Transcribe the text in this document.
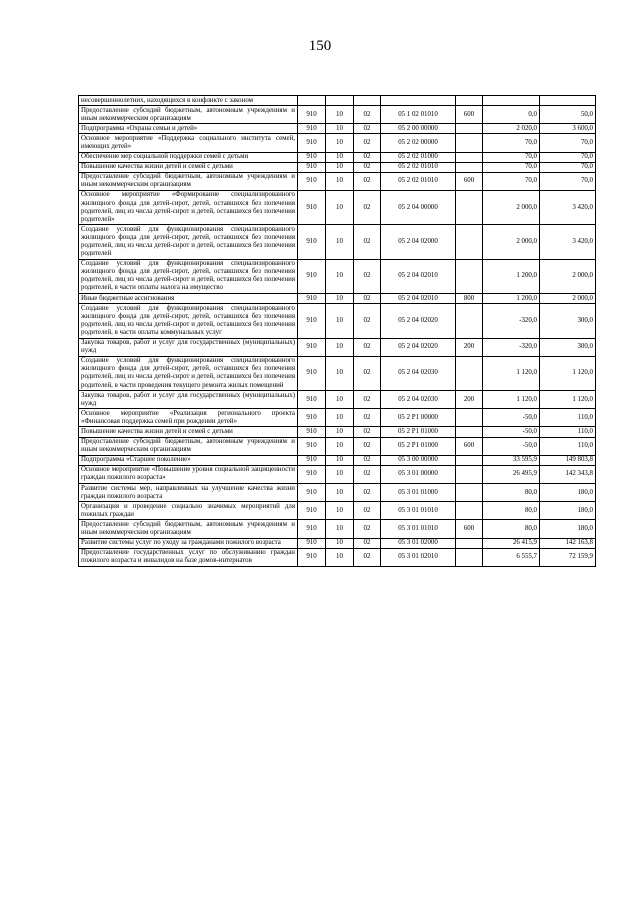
150
несовершеннолетних, находящихся в конфликте с законом							
Предоставление субсидий бюджетным, автономным учреждениям и иным некоммерческим организациям	910	10	02	05 1 02 01010	600	0,0	50,0
Подпрограмма «Охрана семьи и детей»	910	10	02	05 2 00 00000		2 020,0	3 600,0
Основное мероприятие «Поддержка социального института семей, имеющих детей»	910	10	02	05 2 02 00000		70,0	70,0
Обеспечение мер социальной поддержки семей с детьми	910	10	02	05 2 02 01000		70,0	70,0
Повышение качества жизни детей и семей с детьми	910	10	02	05 2 02 01010		70,0	70,0
Предоставление субсидий бюджетным, автономным учреждениям и иным некоммерческим организациям	910	10	02	05 2 02 01010	600	70,0	70,0
Основное мероприятие «Формирование специализированного жилищного фонда для детей-сирот, детей, оставшихся без попечения родителей, лиц из числа детей-сирот и детей, оставшихся без попечения родителей»	910	10	02	05 2 04 00000		2 000,0	3 420,0
Создание условий для функционирования специализированного жилищного фонда для детей-сирот, детей, оставшихся без попечения родителей, лиц из числа детей-сирот и детей, оставшихся без попечения родителей	910	10	02	05 2 04 02000		2 000,0	3 420,0
Создание условий для функционирования специализированного жилищного фонда для детей-сирот, детей, оставшихся без попечения родителей, лиц из числа детей-сирот и детей, оставшихся без попечения родителей, в части оплаты налога на имущество	910	10	02	05 2 04 02010		1 200,0	2 000,0
Иные бюджетные ассигнования	910	10	02	05 2 04 02010	800	1 200,0	2 000,0
Создание условий для функционирования специализированного жилищного фонда для детей-сирот, детей, оставшихся без попечения родителей, лиц из числа детей-сирот и детей, оставшихся без попечения родителей, в части оплаты коммунальных услуг	910	10	02	05 2 04 02020		-320,0	300,0
Закупка товаров, работ и услуг для государственных (муниципальных) нужд	910	10	02	05 2 04 02020	200	-320,0	300,0
Создание условий для функционирования специализированного жилищного фонда для детей-сирот, детей, оставшихся без попечения родителей, лиц из числа детей-сирот и детей, оставшихся без попечения родителей, в части проведения текущего ремонта жилых помещений	910	10	02	05 2 04 02030		1 120,0	1 120,0
Закупка товаров, работ и услуг для государственных (муниципальных) нужд	910	10	02	05 2 04 02030	200	1 120,0	1 120,0
Основное мероприятие «Реализация регионального проекта «Финансовая поддержка семей при рождении детей»	910	10	02	05 2 P1 00000		-50,0	110,0
Повышение качества жизни детей и семей с детьми	910	10	02	05 2 P1 01000		-50,0	110,0
Предоставление субсидий бюджетным, автономным учреждениям и иным некоммерческим организациям	910	10	02	05 2 P1 01000	600	-50,0	110,0
Подпрограмма «Старшее поколение»	910	10	02	05 3 00 00000		33 595,9	149 803,8
Основное мероприятие «Повышение уровня социальной защищенности граждан пожилого возраста»	910	10	02	05 3 01 00000		26 495,9	142 343,8
Развитие системы мер, направленных на улучшение качества жизни граждан пожилого возраста	910	10	02	05 3 01 01000		80,0	180,0
Организация и проведение социально значимых мероприятий для пожилых граждан	910	10	02	05 3 01 01010		80,0	180,0
Предоставление субсидий бюджетным, автономным учреждениям и иным некоммерческим организациям	910	10	02	05 3 01 01010	600	80,0	180,0
Развитие системы услуг по уходу за гражданами пожилого возраста	910	10	02	05 3 01 02000		26 415,9	142 163,8
Предоставление государственных услуг по обслуживанию граждан пожилого возраста и инвалидов на базе домов-интернатов	910	10	02	05 3 01 02010		6 555,7	72 159,9
